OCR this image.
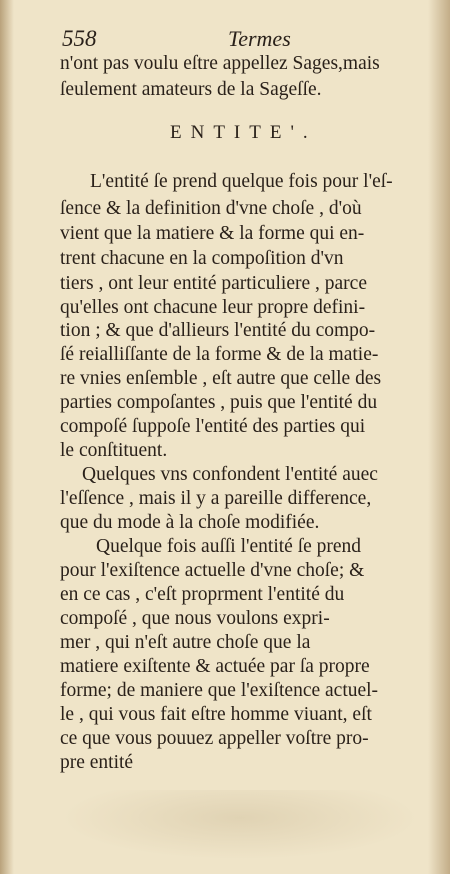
558	Termes
ENTITE'.
n'ont pas voulu eſtre appellez Sages,mais
ſeulement amateurs de la Sageſſe.
L'entité ſe prend quelque fois pour l'eſ-
ſence & la definition d'vne choſe , d'où
vient que la matiere & la forme qui en-
trent chacune en la compoſition d'vn
tiers , ont leur entité particuliere , parce
qu'elles ont chacune leur propre defini-
tion ; & que d'allieurs l'entité du compo-
ſé reialliſſante de la forme & de la matie-
re vnies enſemble , eſt autre que celle des
parties compoſantes , puis que l'entité du
compoſé ſuppoſe l'entité des parties qui
le conſtituent.
Quelques vns confondent l'entité auec
l'eſſence , mais il y a pareille difference,
que du mode à la choſe modifiée.
Quelque fois auſſi l'entité ſe prend
pour l'exiſtence actuelle d'vne choſe; &
en ce cas , c'eſt proprment l'entité du
compoſé , que nous voulons expri-
mer , qui n'eſt autre choſe que la
matiere exiſtente & actuée par ſa propre
forme; de maniere que l'exiſtence actuel-
le , qui vous fait eſtre homme viuant, eſt
ce que vous pouuez appeller voſtre pro-
pre entité
